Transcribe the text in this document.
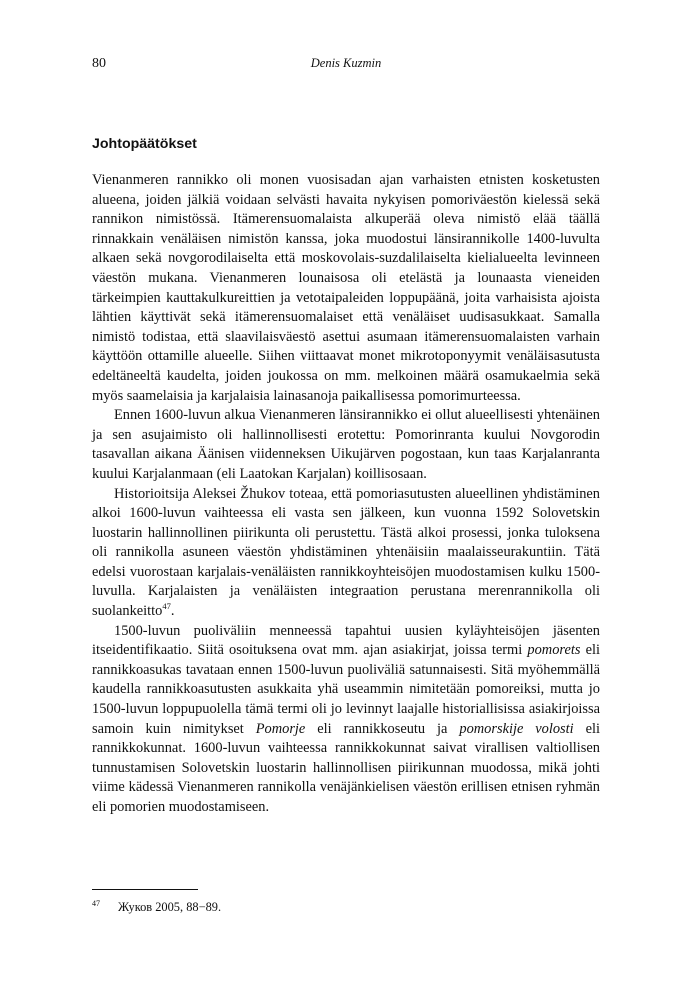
80	Denis Kuzmin
Johtopäätökset

Vienanmeren rannikko oli monen vuosisadan ajan varhaisten etnisten kosketusten alueena, joiden jälkiä voidaan selvästi havaita nykyisen pomoriväestön kielessä sekä rannikon nimistössä. Itämerensuomalaista alkuperää oleva nimistö elää täällä rinnakkain venäläisen nimistön kanssa, joka muodostui länsirannikolle 1400-luvulta alkaen sekä novgorodilaiselta että moskovolais-suzdalilaiselta kielialueelta levinneen väestön mukana. Vienanmeren lounaisosa oli etelästä ja lounaasta vieneiden tärkeimpien kauttakulkureittien ja vetotaipaleiden loppupäänä, joita varhaisista ajoista lähtien käyttivät sekä itämerensuomalaiset että venäläiset uudisasukkaat. Samalla nimistö todistaa, että slaavilaisväestö asettui asumaan itämerensuomalaisten varhain käyttöön ottamille alueelle. Siihen viittaavat monet mikrotoponyymit venäläisasutusta edeltäneeltä kaudelta, joiden joukossa on mm. melkoinen määrä osamukaelmia sekä myös saamelaisia ja karjalaisia lainasanoja paikallisessa pomorimurteessa.

Ennen 1600-luvun alkua Vienanmeren länsirannikko ei ollut alueellisesti yhtenäinen ja sen asujaimisto oli hallinnollisesti erotettu: Pomorinranta kuului Novgorodin tasavallan aikana Äänisen viidenneksen Uikujärven pogostaan, kun taas Karjalanranta kuului Karjalanmaan (eli Laatokan Karjalan) koillisosaan.

Historioitsija Aleksei Žhukov toteaa, että pomoriasutusten alueellinen yhdistäminen alkoi 1600-luvun vaihteessa eli vasta sen jälkeen, kun vuonna 1592 Solovetskin luostarin hallinnollinen piirikunta oli perustettu. Tästä alkoi prosessi, jonka tuloksena oli rannikolla asuneen väestön yhdistäminen yhtenäisiin maalaisseurakuntiin. Tätä edelsi vuorostaan karjalais-venäläisten rannikkoyhteisöjen muodostamisen kulku 1500-luvulla. Karjalaisten ja venäläisten integraation perustana merenrannikolla oli suolankeitto$^{47}$.

1500-luvun puoliväliin menneessä tapahtui uusien kyläyhteisöjen jäsenten itseidentifikaatio. Siitä osoituksena ovat mm. ajan asiakirjat, joissa termi pomorets eli rannikkoasukas tavataan ennen 1500-luvun puoliväliä satunnaisesti. Sitä myöhemmällä kaudella rannikkoasutusten asukkaita yhä useammin nimitetään pomoreiksi, mutta jo 1500-luvun loppupuolella tämä termi oli jo levinnyt laajalle historiallisissa asiakirjoissa samoin kuin nimitykset Pomorje eli rannikkoseutu ja pomorskije volosti eli rannikkokunnat. 1600-luvun vaihteessa rannikkokunnat saivat virallisen valtiollisen tunnustamisen Solovetskin luostarin hallinnollisen piirikunnan muodossa, mikä johti viime kädessä Vienanmeren rannikolla venäjänkielisen väestön erillisen etnisen ryhmän eli pomorien muodostamiseen.

$^{47}$ Жуков 2005, 88−89.
